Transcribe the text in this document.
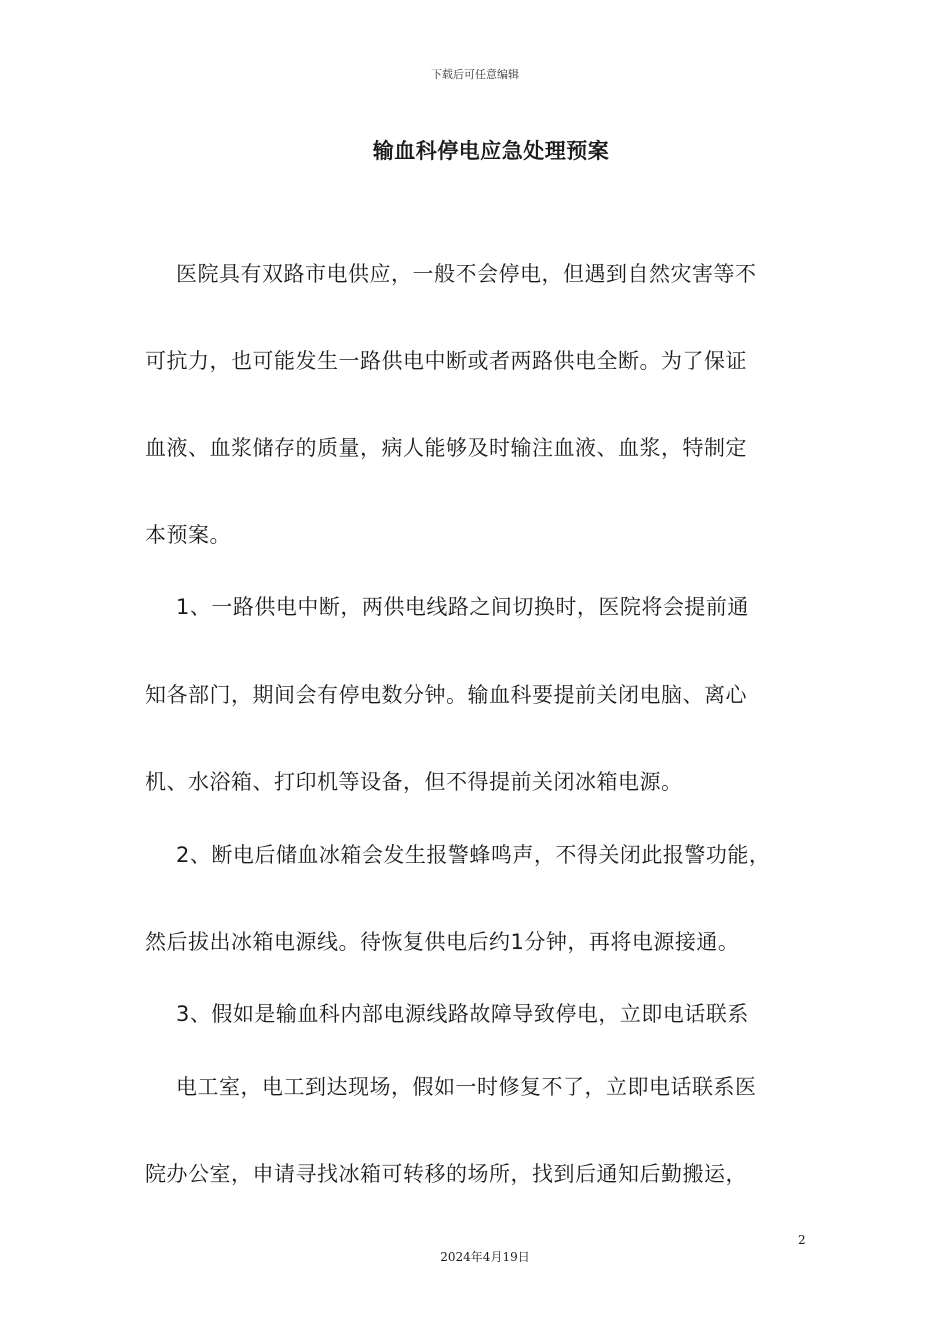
下载后可任意编辑
输血科停电应急处理预案
医院具有双路市电供应，一般不会停电，但遇到自然灾害等不
可抗力，也可能发生一路供电中断或者两路供电全断。为了保证
血液、血浆储存的质量，病人能够及时输注血液、血浆，特制定
本预案。
1、一路供电中断，两供电线路之间切换时，医院将会提前通
知各部门，期间会有停电数分钟。输血科要提前关闭电脑、离心
机、水浴箱、打印机等设备，但不得提前关闭冰箱电源。
2、断电后储血冰箱会发生报警蜂鸣声，不得关闭此报警功能，
然后拔出冰箱电源线。待恢复供电后约1分钟，再将电源接通。
3、假如是输血科内部电源线路故障导致停电，立即电话联系
电工室，电工到达现场，假如一时修复不了，立即电话联系医
院办公室，申请寻找冰箱可转移的场所，找到后通知后勤搬运，
2
2024年4月19日
